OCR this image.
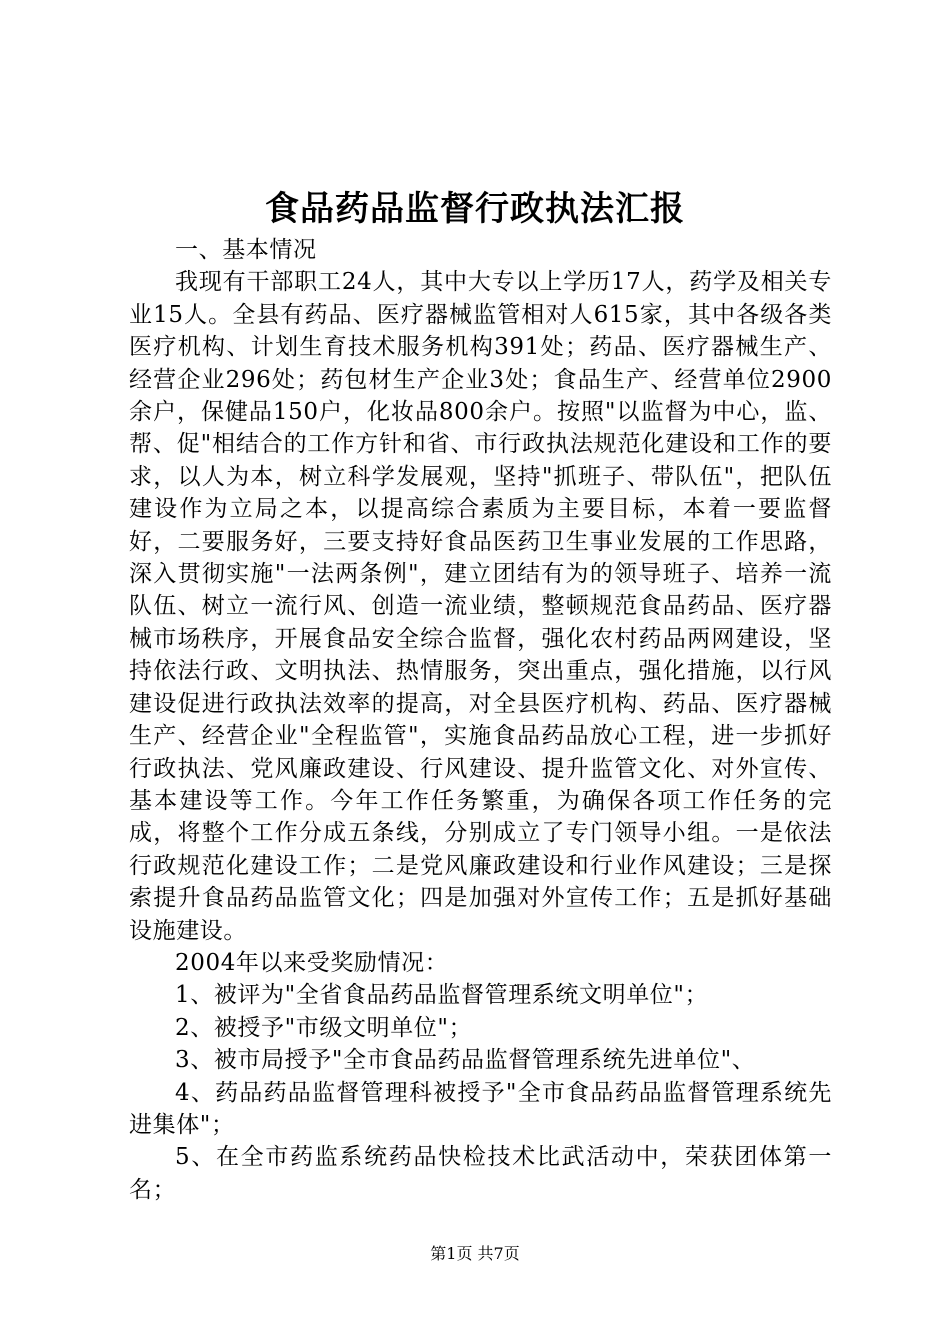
食品药品监督行政执法汇报

一、基本情况

我现有干部职工24人，其中大专以上学历17人，药学及相关专业15人。全县有药品、医疗器械监管相对人615家，其中各级各类医疗机构、计划生育技术服务机构391处；药品、医疗器械生产、经营企业296处；药包材生产企业3处；食品生产、经营单位2900余户，保健品150户，化妆品800余户。按照"以监督为中心，监、帮、促"相结合的工作方针和省、市行政执法规范化建设和工作的要求，以人为本，树立科学发展观，坚持"抓班子、带队伍"，把队伍建设作为立局之本，以提高综合素质为主要目标，本着一要监督好，二要服务好，三要支持好食品医药卫生事业发展的工作思路，深入贯彻实施"一法两条例"，建立团结有为的领导班子、培养一流队伍、树立一流行风、创造一流业绩，整顿规范食品药品、医疗器械市场秩序，开展食品安全综合监督，强化农村药品两网建设，坚持依法行政、文明执法、热情服务，突出重点，强化措施，以行风建设促进行政执法效率的提高，对全县医疗机构、药品、医疗器械生产、经营企业"全程监管"，实施食品药品放心工程，进一步抓好行政执法、党风廉政建设、行风建设、提升监管文化、对外宣传、基本建设等工作。今年工作任务繁重，为确保各项工作任务的完成，将整个工作分成五条线，分别成立了专门领导小组。一是依法行政规范化建设工作；二是党风廉政建设和行业作风建设；三是探索提升食品药品监管文化；四是加强对外宣传工作；五是抓好基础设施建设。

2004年以来受奖励情况：

1、被评为"全省食品药品监督管理系统文明单位"；

2、被授予"市级文明单位"；

3、被市局授予"全市食品药品监督管理系统先进单位"、

4、药品药品监督管理科被授予"全市食品药品监督管理系统先进集体"；

5、在全市药监系统药品快检技术比武活动中，荣获团体第一名；

第1页 共7页
